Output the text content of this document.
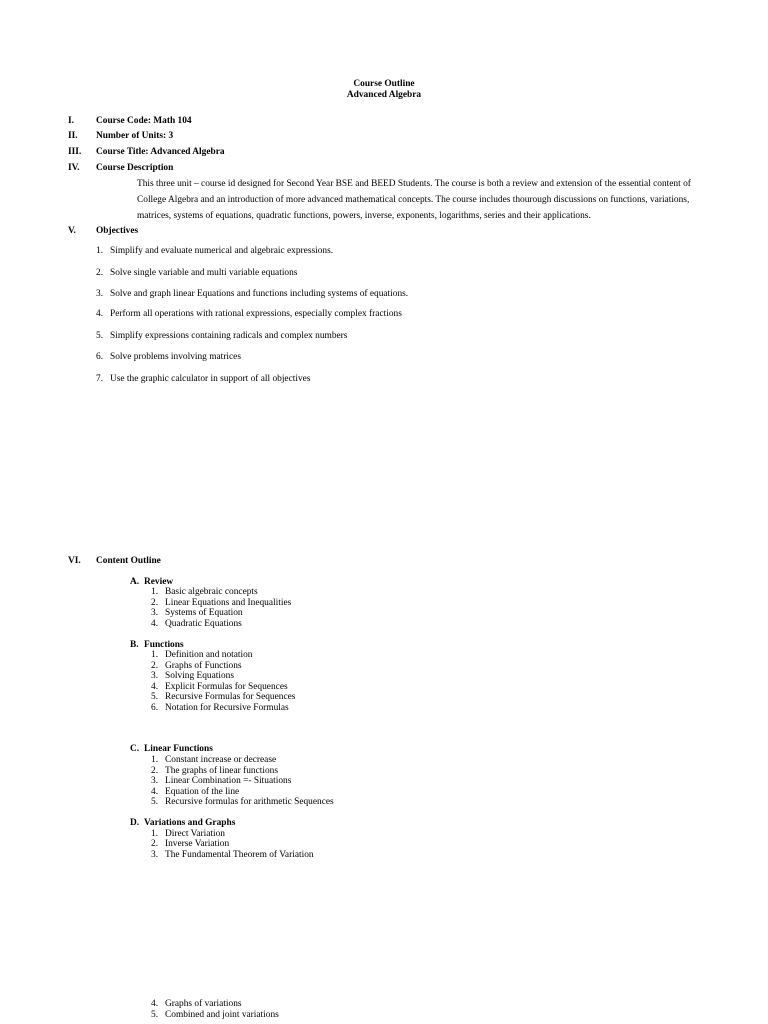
Course Outline
Advanced Algebra
I. Course Code: Math 104
II. Number of Units: 3
III. Course Title: Advanced Algebra
IV. Course Description
This three unit – course id designed for Second Year BSE and BEED Students. The course is both a review and extension of the essential content of College Algebra and an introduction of more advanced mathematical concepts. The course includes thourough discussions on functions, variations, matrices, systems of equations, quadratic functions, powers, inverse, exponents, logarithms, series and their applications.
V. Objectives
1. Simplify and evaluate numerical and algebraic expressions.
2. Solve single variable and multi variable equations
3. Solve and graph linear Equations and functions including systems of equations.
4. Perform all operations with rational expressions, especially complex fractions
5. Simplify expressions containing radicals and complex numbers
6. Solve problems involving matrices
7. Use the graphic calculator in support of all objectives
VI. Content Outline
A. Review
1. Basic algebraic concepts
2. Linear Equations and Inequalities
3. Systems of Equation
4. Quadratic Equations
B. Functions
1. Definition and notation
2. Graphs of Functions
3. Solving Equations
4. Explicit Formulas for Sequences
5. Recursive Formulas for Sequences
6. Notation for Recursive Formulas
C. Linear Functions
1. Constant increase or decrease
2. The graphs of linear functions
3. Linear Combination =- Situations
4. Equation of the line
5. Recursive formulas for arithmetic Sequences
D. Variations and Graphs
1. Direct Variation
2. Inverse Variation
3. The Fundamental Theorem of Variation
4. Graphs of variations
5. Combined and joint variations
